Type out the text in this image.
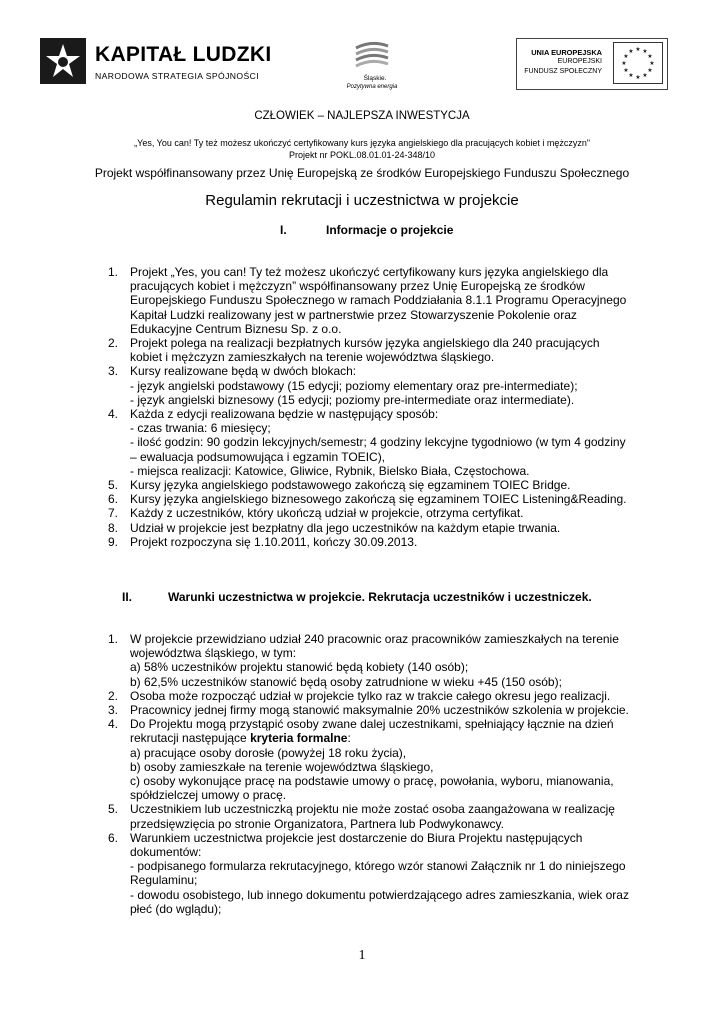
KAPITAŁ LUDZKI
NARODOWA STRATEGIA SPÓJNOŚCI	Śląskie.
Pozytywna energia
UNIA EUROPEJSKA
EUROPEJSKI
FUNDUSZ SPOŁECZNY
★ ★
★
★
★
★
★
★
★
★
★
★
CZŁOWIEK – NAJLEPSZA INWESTYCJA
„Yes, You can! Ty też możesz ukończyć certyfikowany kurs języka angielskiego dla pracujących kobiet i mężczyzn”
Projekt nr POKL.08.01.01-24-348/10
Projekt współfinansowany przez Unię Europejską ze środków Europejskiego Funduszu Społecznego
Regulamin rekrutacji i uczestnictwa w projekcie
I.	Informacje o projekcie
1. Projekt „Yes, you can! Ty też możesz ukończyć certyfikowany kurs języka angielskiego dla
pracujących kobiet i mężczyzn” współfinansowany przez Unię Europejską ze środków
Europejskiego Funduszu Społecznego w ramach Poddziałania 8.1.1 Programu Operacyjnego
Kapitał Ludzki realizowany jest w partnerstwie przez Stowarzyszenie Pokolenie oraz
Edukacyjne Centrum Biznesu Sp. z o.o.
2. Projekt polega na realizacji bezpłatnych kursów języka angielskiego dla 240 pracujących
kobiet i mężczyzn zamieszkałych na terenie województwa śląskiego.
3. Kursy realizowane będą w dwóch blokach:
- język angielski podstawowy (15 edycji; poziomy elementary oraz pre-intermediate);
- język angielski biznesowy (15 edycji; poziomy pre-intermediate oraz intermediate).
4. Każda z edycji realizowana będzie w następujący sposób:
- czas trwania: 6 miesięcy;
- ilość godzin: 90 godzin lekcyjnych/semestr; 4 godziny lekcyjne tygodniowo (w tym 4 godziny
– ewaluacja podsumowująca i egzamin TOEIC),
- miejsca realizacji: Katowice, Gliwice, Rybnik, Bielsko Biała, Częstochowa.
5. Kursy języka angielskiego podstawowego zakończą się egzaminem TOIEC Bridge.
6. Kursy języka angielskiego biznesowego zakończą się egzaminem TOIEC Listening&Reading.
7. Każdy z uczestników, który ukończą udział w projekcie, otrzyma certyfikat.
8. Udział w projekcie jest bezpłatny dla jego uczestników na każdym etapie trwania.
9. Projekt rozpoczyna się 1.10.2011, kończy 30.09.2013.
II.	Warunki uczestnictwa w projekcie. Rekrutacja uczestników i uczestniczek.
1. W projekcie przewidziano udział 240 pracownic oraz pracowników zamieszkałych na terenie
województwa śląskiego, w tym:
a) 58% uczestników projektu stanowić będą kobiety (140 osób);
b) 62,5% uczestników stanowić będą osoby zatrudnione w wieku +45 (150 osób);
2. Osoba może rozpocząć udział w projekcie tylko raz w trakcie całego okresu jego realizacji.
3. Pracownicy jednej firmy mogą stanowić maksymalnie 20% uczestników szkolenia w projekcie.
4. Do Projektu mogą przystąpić osoby zwane dalej uczestnikami, spełniający łącznie na dzień
rekrutacji następujące kryteria formalne:
a) pracujące osoby dorosłe (powyżej 18 roku życia),
b) osoby zamieszkałe na terenie województwa śląskiego,
c) osoby wykonujące pracę na podstawie umowy o pracę, powołania, wyboru, mianowania,
spółdzielczej umowy o pracę.
5. Uczestnikiem lub uczestniczką projektu nie może zostać osoba zaangażowana w realizację
przedsięwzięcia po stronie Organizatora, Partnera lub Podwykonawcy.
6. Warunkiem uczestnictwa projekcie jest dostarczenie do Biura Projektu następujących
dokumentów:
- podpisanego formularza rekrutacyjnego, którego wzór stanowi Załącznik nr 1 do niniejszego
Regulaminu;
- dowodu osobistego, lub innego dokumentu potwierdzającego adres zamieszkania, wiek oraz
płeć (do wglądu);
1
